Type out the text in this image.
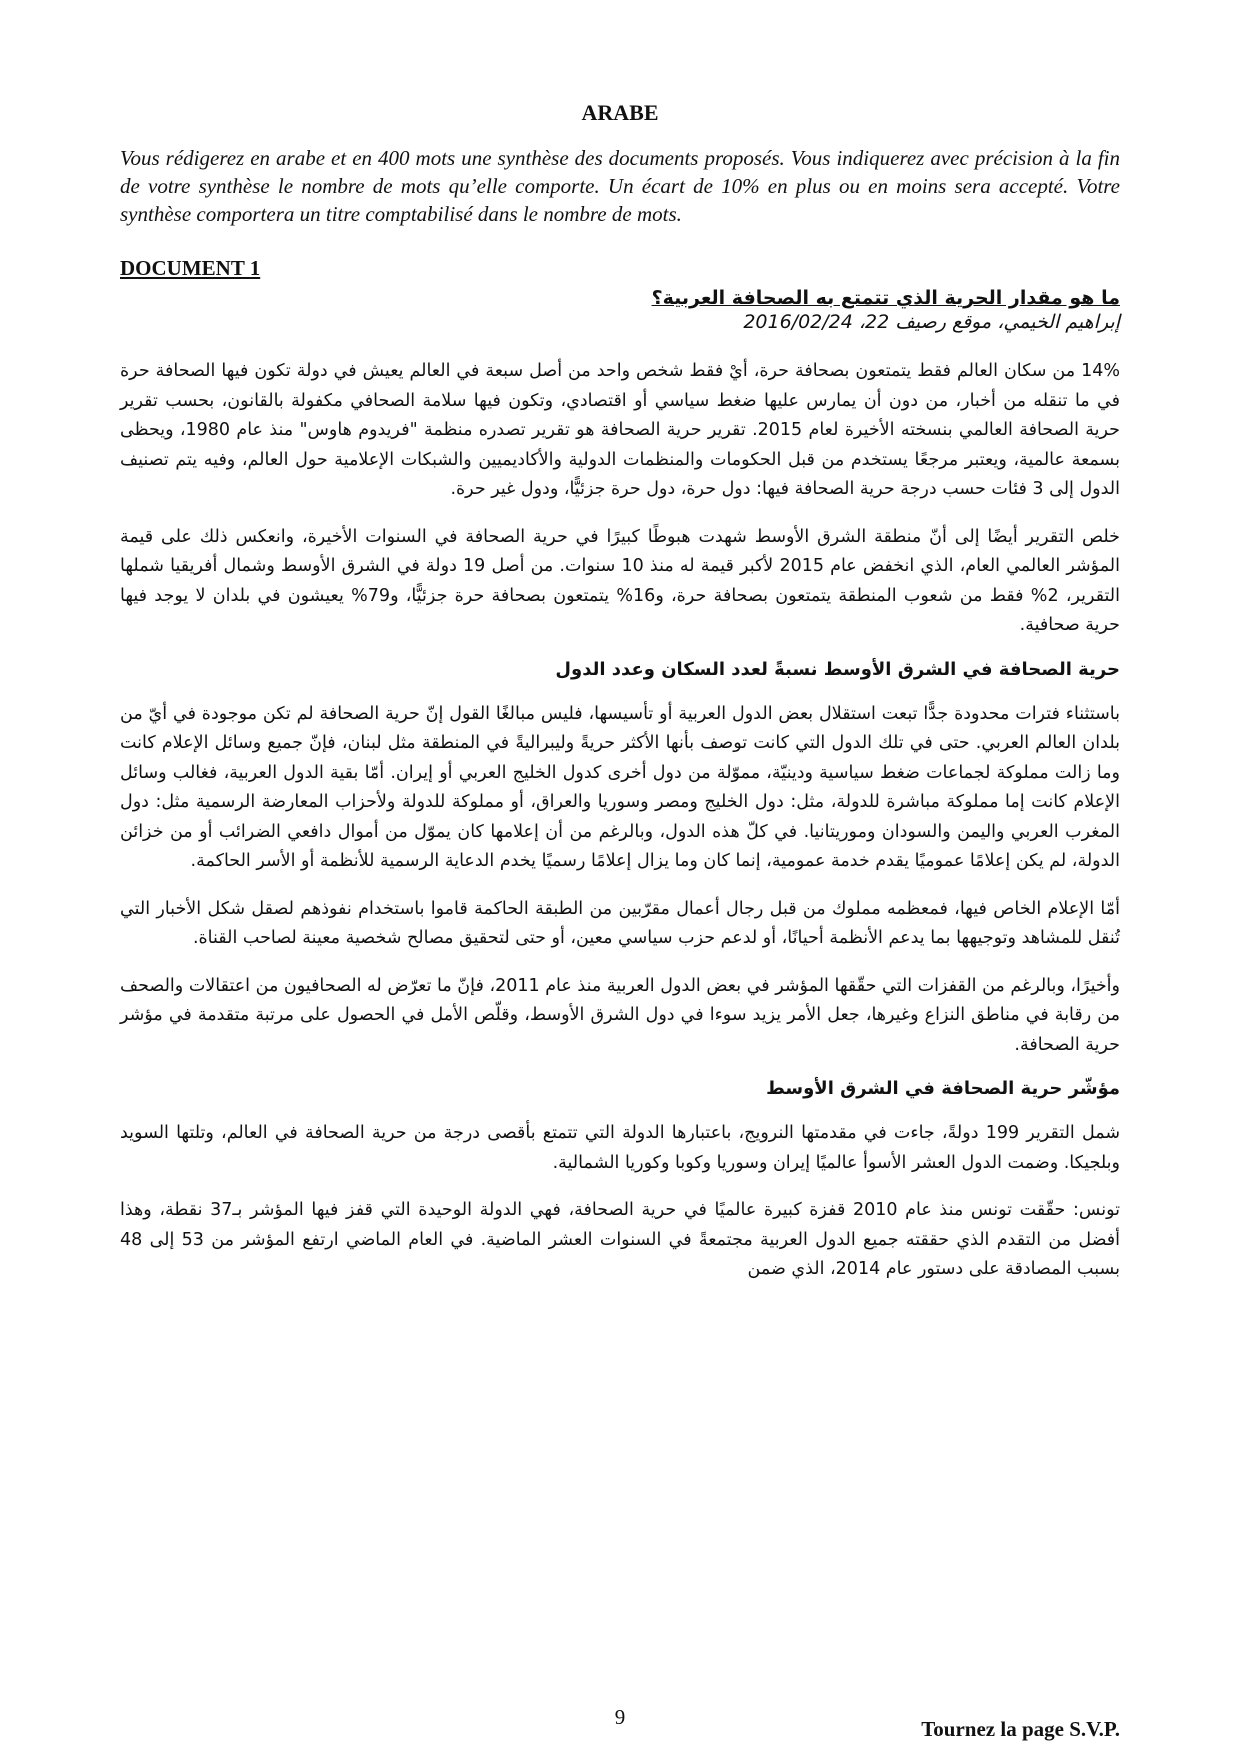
ARABE
Vous rédigerez en arabe et en 400 mots une synthèse des documents proposés. Vous indiquerez avec précision à la fin de votre synthèse le nombre de mots qu’elle comporte. Un écart de 10% en plus ou en moins sera accepté. Votre synthèse comportera un titre comptabilisé dans le nombre de mots.
DOCUMENT 1
ما هو مقدار الحرية الذي تتمتع به الصحافة العربية؟
إبراهيم الخيمي، موقع رصيف 22، 2016/02/24

14% من سكان العالم فقط يتمتعون بصحافة حرة، أيْ فقط شخص واحد من أصل سبعة في العالم يعيش في دولة تكون فيها الصحافة حرة في ما تنقله من أخبار، من دون أن يمارس عليها ضغط سياسي أو اقتصادي، وتكون فيها سلامة الصحافي مكفولة بالقانون، بحسب تقرير حرية الصحافة العالمي بنسخته الأخيرة لعام 2015. تقرير حرية الصحافة هو تقرير تصدره منظمة "فريدوم هاوس" منذ عام 1980، ويحظى بسمعة عالمية، ويعتبر مرجعًا يستخدم من قبل الحكومات والمنظمات الدولية والأكاديميين والشبكات الإعلامية حول العالم، وفيه يتم تصنيف الدول إلى 3 فئات حسب درجة حرية الصحافة فيها: دول حرة، دول حرة جزئيًّا، ودول غير حرة.

خلص التقرير أيضًا إلى أنّ منطقة الشرق الأوسط شهدت هبوطًا كبيرًا في حرية الصحافة في السنوات الأخيرة، وانعكس ذلك على قيمة المؤشر العالمي العام، الذي انخفض عام 2015 لأكبر قيمة له منذ 10 سنوات. من أصل 19 دولة في الشرق الأوسط وشمال أفريقيا شملها التقرير، 2% فقط من شعوب المنطقة يتمتعون بصحافة حرة، و16% يتمتعون بصحافة حرة جزئيًّا، و79% يعيشون في بلدان لا يوجد فيها حرية صحافية.

حرية الصحافة في الشرق الأوسط نسبةً لعدد السكان وعدد الدول

باستثناء فترات محدودة جدًّا تبعت استقلال بعض الدول العربية أو تأسيسها، فليس مبالغًا القول إنّ حرية الصحافة لم تكن موجودة في أيّ من بلدان العالم العربي. حتى في تلك الدول التي كانت توصف بأنها الأكثر حريةً وليبراليةً في المنطقة مثل لبنان، فإنّ جميع وسائل الإعلام كانت وما زالت مملوكة لجماعات ضغط سياسية ودينيّة، مموّلة من دول أخرى كدول الخليج العربي أو إيران. أمّا بقية الدول العربية، فغالب وسائل الإعلام كانت إما مملوكة مباشرة للدولة، مثل: دول الخليج ومصر وسوريا والعراق، أو مملوكة للدولة ولأحزاب المعارضة الرسمية مثل: دول المغرب العربي واليمن والسودان وموريتانيا. في كلّ هذه الدول، وبالرغم من أن إعلامها كان يموّل من أموال دافعي الضرائب أو من خزائن الدولة، لم يكن إعلامًا عموميًا يقدم خدمة عمومية، إنما كان وما يزال إعلامًا رسميًا يخدم الدعاية الرسمية للأنظمة أو الأسر الحاكمة.

أمّا الإعلام الخاص فيها، فمعظمه مملوك من قبل رجال أعمال مقرّبين من الطبقة الحاكمة قاموا باستخدام نفوذهم لصقل شكل الأخبار التي تُنقل للمشاهد وتوجيهها بما يدعم الأنظمة أحيانًا، أو لدعم حزب سياسي معين، أو حتى لتحقيق مصالح شخصية معينة لصاحب القناة.

وأخيرًا، وبالرغم من القفزات التي حقّقها المؤشر في بعض الدول العربية منذ عام 2011، فإنّ ما تعرّض له الصحافيون من اعتقالات والصحف من رقابة في مناطق النزاع وغيرها، جعل الأمر يزيد سوءا في دول الشرق الأوسط، وقلّص الأمل في الحصول على مرتبة متقدمة في مؤشر حرية الصحافة.

مؤشّر حرية الصحافة في الشرق الأوسط

شمل التقرير 199 دولةً، جاءت في مقدمتها النرويج، باعتبارها الدولة التي تتمتع بأقصى درجة من حرية الصحافة في العالم، وتلتها السويد وبلجيكا. وضمت الدول العشر الأسوأ عالميًا إيران وسوريا وكوبا وكوريا الشمالية.

تونس: حقّقت تونس منذ عام 2010 قفزة كبيرة عالميًا في حرية الصحافة، فهي الدولة الوحيدة التي قفز فيها المؤشر بـ37 نقطة، وهذا أفضل من التقدم الذي حققته جميع الدول العربية مجتمعةً في السنوات العشر الماضية. في العام الماضي ارتفع المؤشر من 53 إلى 48 بسبب المصادقة على دستور عام 2014، الذي ضمن

9	Tournez la page S.V.P.
